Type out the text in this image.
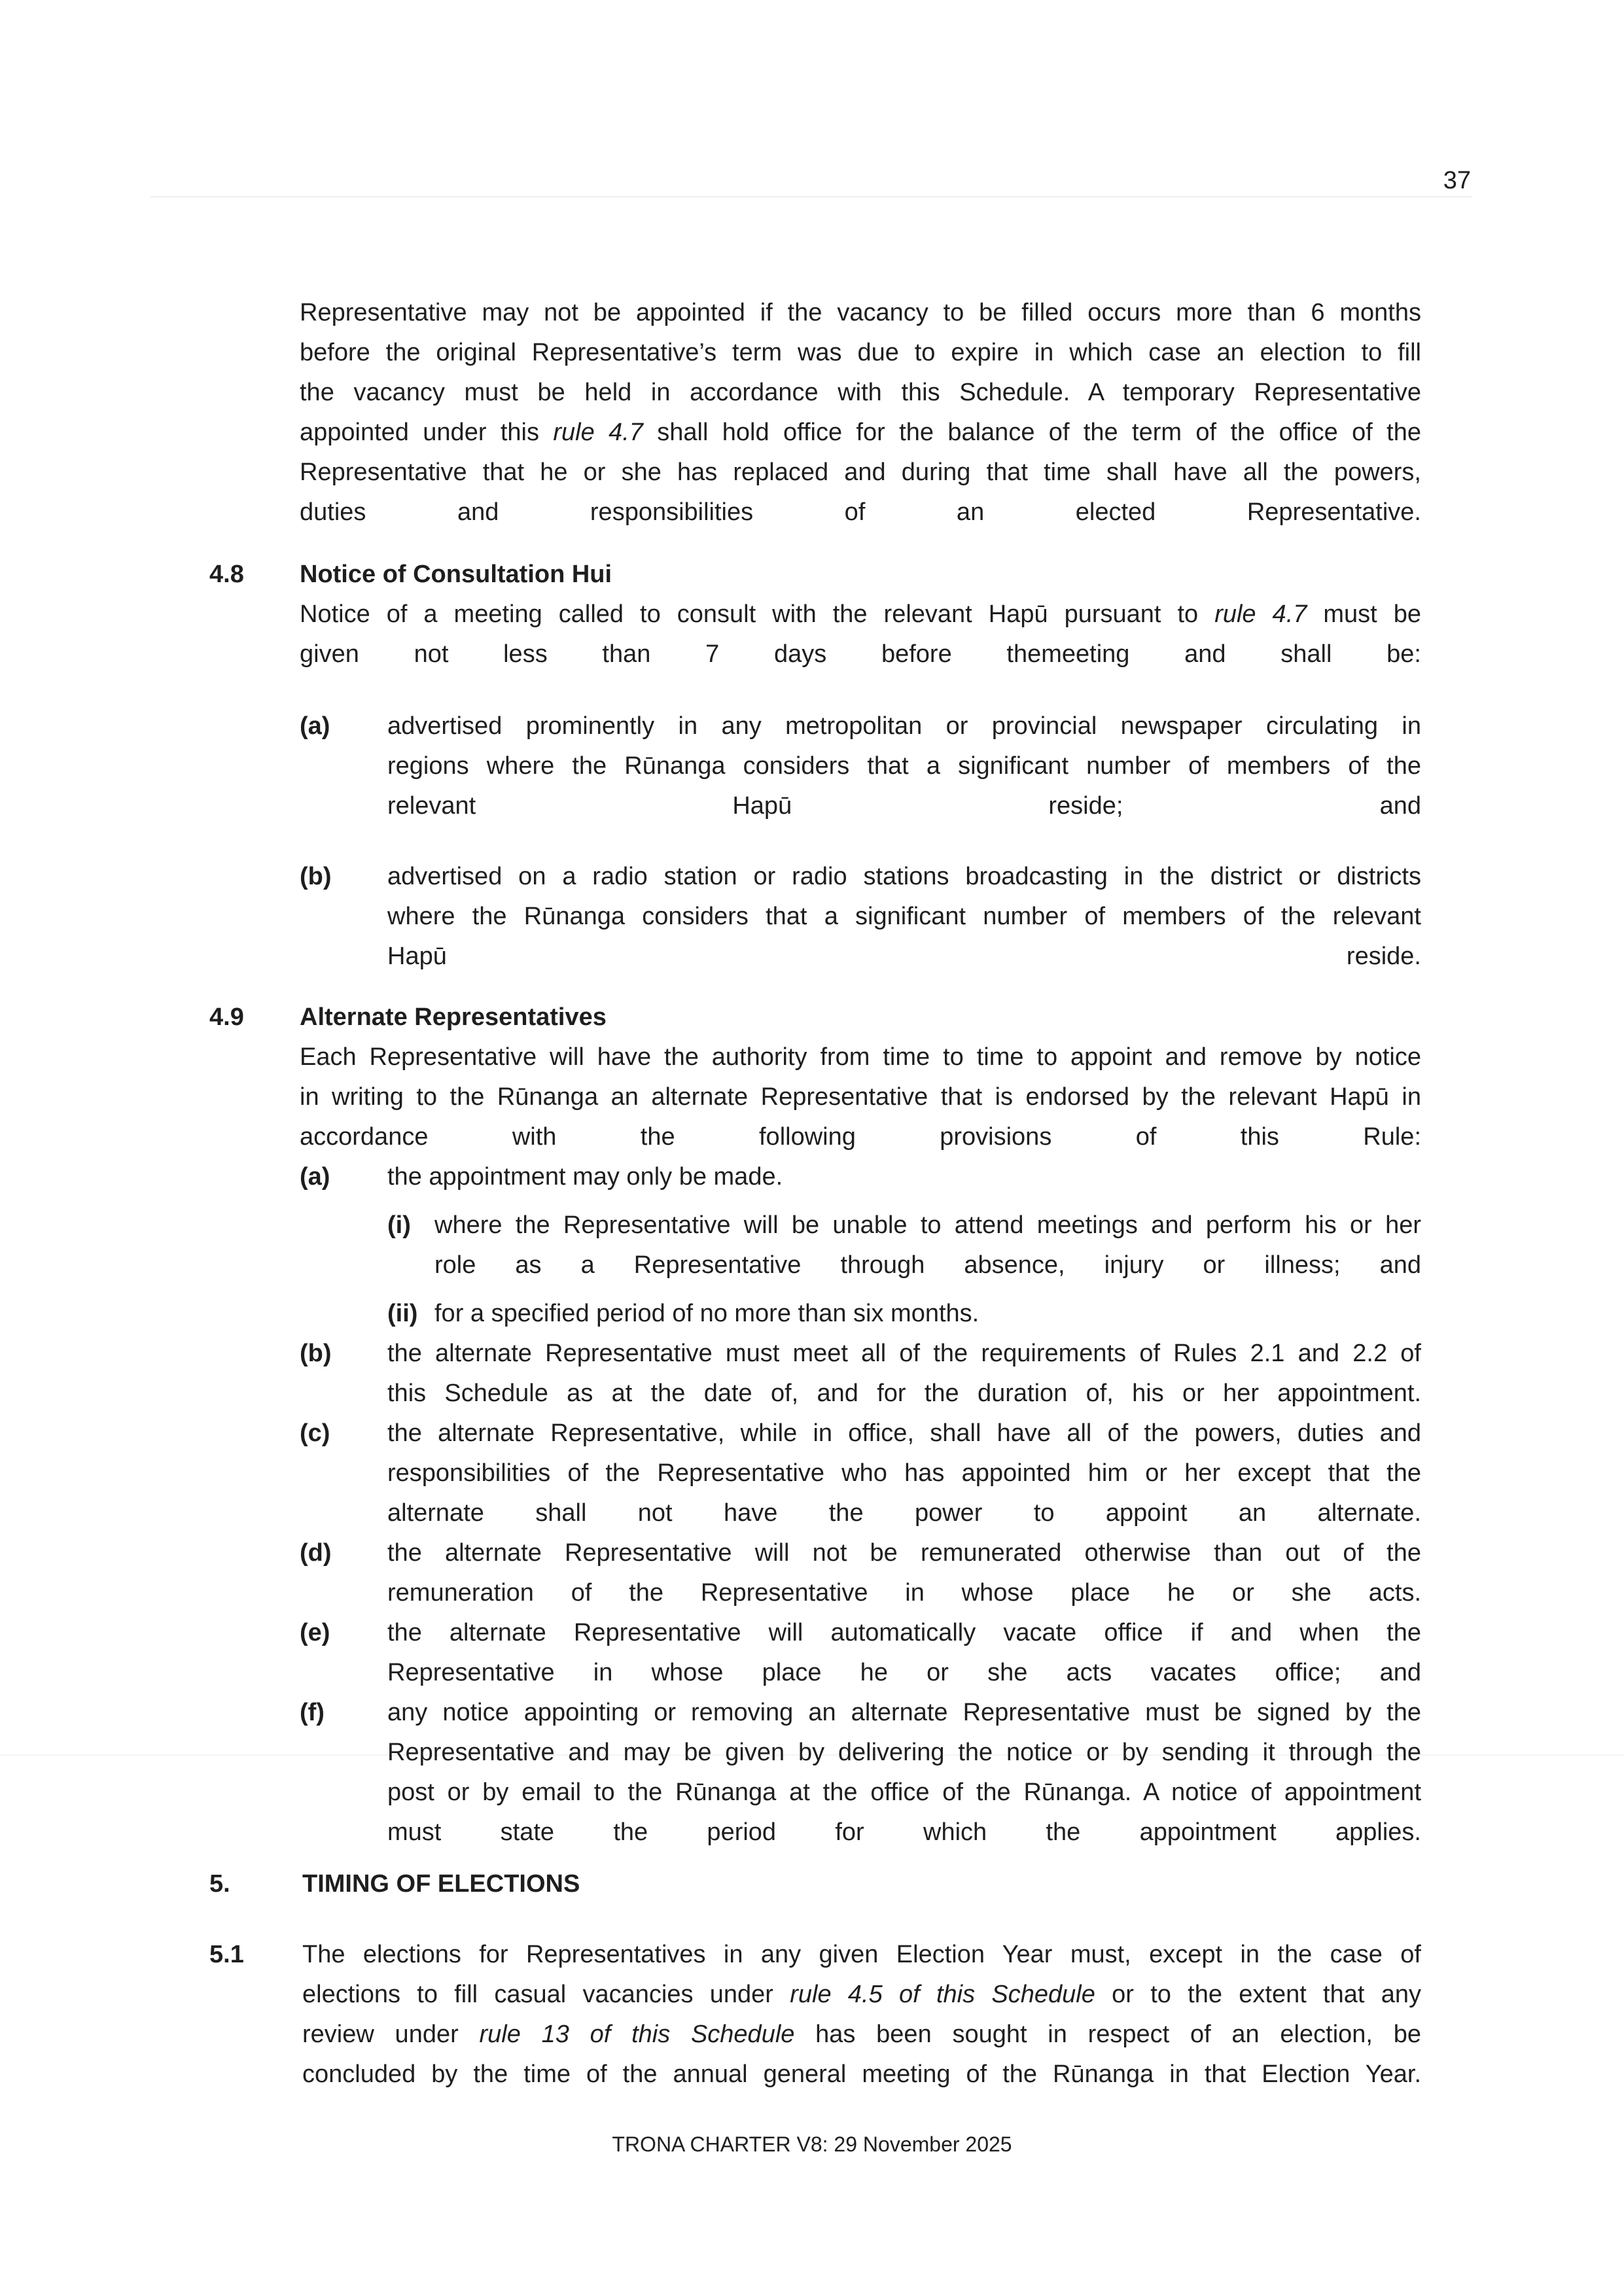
37
Representative may not be appointed if the vacancy to be filled occurs more than 6 months
before the original Representative’s term was due to expire in which case an election to fill
the vacancy must be held in accordance with this Schedule. A temporary Representative
appointed under this rule 4.7 shall hold office for the balance of the term of the office of the
Representative that he or she has replaced and during that time shall have all the powers,
duties and responsibilities of an elected Representative.
4.8 Notice of Consultation Hui
Notice of a meeting called to consult with the relevant Hapū pursuant to rule 4.7 must be
given not less than 7 days before themeeting and shall be:
(a) advertised prominently in any metropolitan or provincial newspaper circulating in
regions where the Rūnanga considers that a significant number of members of the
relevant Hapū reside; and
(b) advertised on a radio station or radio stations broadcasting in the district or districts
where the Rūnanga considers that a significant number of members of the relevant
Hapū reside.
4.9 Alternate Representatives
Each Representative will have the authority from time to time to appoint and remove by notice
in writing to the Rūnanga an alternate Representative that is endorsed by the relevant Hapū in
accordance with the following provisions of this Rule:
(a) the appointment may only be made.
(i) where the Representative will be unable to attend meetings and perform his or her
role as a Representative through absence, injury or illness; and
(ii) for a specified period of no more than six months.
(b) the alternate Representative must meet all of the requirements of Rules 2.1 and 2.2 of
this Schedule as at the date of, and for the duration of, his or her appointment.
(c) the alternate Representative, while in office, shall have all of the powers, duties and
responsibilities of the Representative who has appointed him or her except that the
alternate shall not have the power to appoint an alternate.
(d) the alternate Representative will not be remunerated otherwise than out of the
remuneration of the Representative in whose place he or she acts.
(e) the alternate Representative will automatically vacate office if and when the
Representative in whose place he or she acts vacates office; and
(f)	any notice appointing or removing an alternate Representative must be signed by the
Representative and may be given by delivering the notice or by sending it through the
post or by email to the Rūnanga at the office of the Rūnanga. A notice of appointment
must state the period for which the appointment applies.
5.	TIMING OF ELECTIONS
5.1 The elections for Representatives in any given Election Year must, except in the case of
elections to fill casual vacancies under rule 4.5 of this Schedule or to the extent that any
review under rule 13 of this Schedule has been sought in respect of an election, be
concluded by the time of the annual general meeting of the Rūnanga in that Election Year.
TRONA CHARTER V8: 29 November 2025
